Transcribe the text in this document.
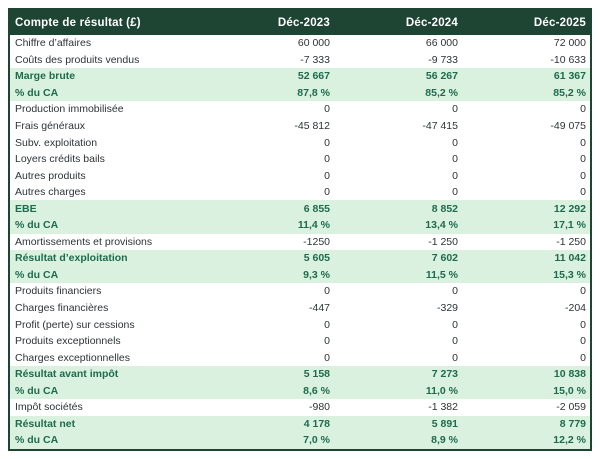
Compte de résultat (£)	Déc-2023	Déc-2024	Déc-2025
Chiffre d’affaires	60 000	66 000	72 000
Coûts des produits vendus	-7 333	-9 733	-10 633
Marge brute	52 667	56 267	61 367
% du CA	87,8 %	85,2 %	85,2 %
Production immobilisée	0	0	0
Frais généraux	-45 812	-47 415	-49 075
Subv. exploitation	0	0	0
Loyers crédits bails	0	0	0
Autres produits	0	0	0
Autres charges	0	0	0
EBE	6 855	8 852	12 292
% du CA	11,4 %	13,4 %	17,1 %
Amortissements et provisions	-1250	-1 250	-1 250
Résultat d’exploitation	5 605	7 602	11 042
% du CA	9,3 %	11,5 %	15,3 %
Produits financiers	0	0	0
Charges financières	-447	-329	-204
Profit (perte) sur cessions	0	0	0
Produits exceptionnels	0	0	0
Charges exceptionnelles	0	0	0
Résultat avant impôt	5 158	7 273	10 838
% du CA	8,6 %	11,0 %	15,0 %
Impôt sociétés	-980	-1 382	-2 059
Résultat net	4 178	5 891	8 779
% du CA	7,0 %	8,9 %	12,2 %
